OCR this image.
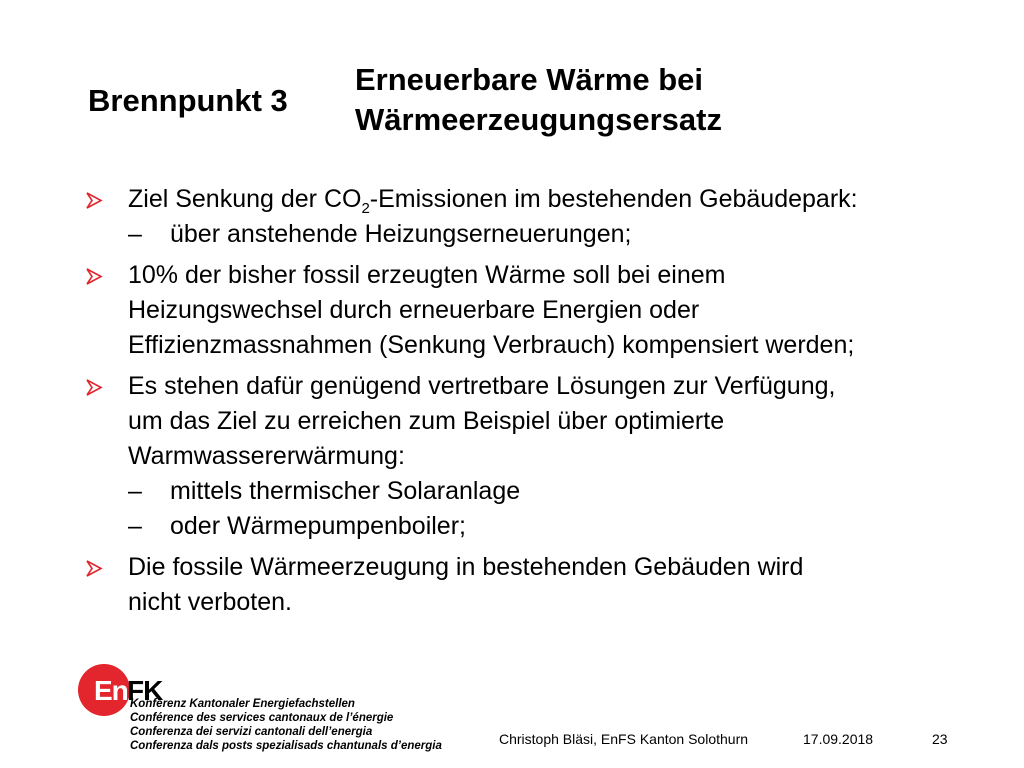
Brennpunkt 3
Erneuerbare Wärme bei
Wärmeerzeugungsersatz
Ziel Senkung der $CO_2$-Emissionen im bestehenden Gebäudepark:
– über anstehende Heizungserneuerungen;
10% der bisher fossil erzeugten Wärme soll bei einem
Heizungswechsel durch erneuerbare Energien oder
Effizienzmassnahmen (Senkung Verbrauch) kompensiert werden;
Es stehen dafür genügend vertretbare Lösungen zur Verfügung,
um das Ziel zu erreichen zum Beispiel über optimierte
Warmwassererwärmung:
– mittels thermischer Solaranlage
– oder Wärmepumpenboiler;
Die fossile Wärmeerzeugung in bestehenden Gebäuden wird
nicht verboten.
En FK
Konferenz Kantonaler Energiefachstellen
Conférence des services cantonaux de l’énergie
Conferenza dei servizi cantonali dell’energia
Conferenza dals posts spezialisads chantunals d’energia	Christoph Bläsi, EnFS Kanton Solothurn	17.09.2018	23
